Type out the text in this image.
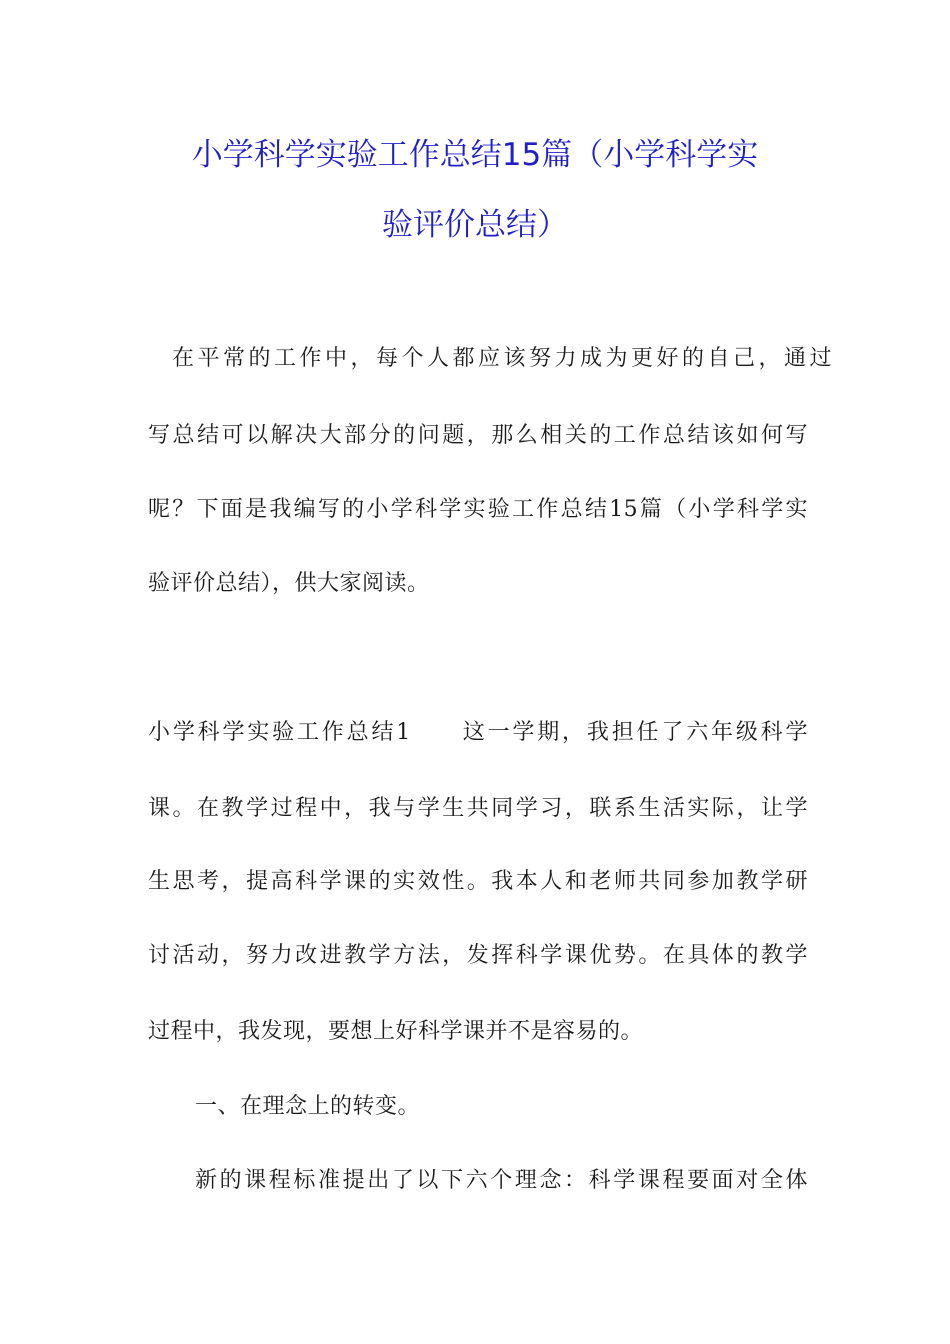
小学科学实验工作总结15篇（小学科学实
验评价总结）
在平常的工作中，每个人都应该努力成为更好的自己，通过
写总结可以解决大部分的问题，那么相关的工作总结该如何写
呢？下面是我编写的小学科学实验工作总结15篇（小学科学实
验评价总结），供大家阅读。
小学科学实验工作总结1　　这一学期，我担任了六年级科学
课。在教学过程中，我与学生共同学习，联系生活实际，让学
生思考，提高科学课的实效性。我本人和老师共同参加教学研
讨活动，努力改进教学方法，发挥科学课优势。在具体的教学
过程中，我发现，要想上好科学课并不是容易的。
一、在理念上的转变。
新的课程标准提出了以下六个理念：科学课程要面对全体
